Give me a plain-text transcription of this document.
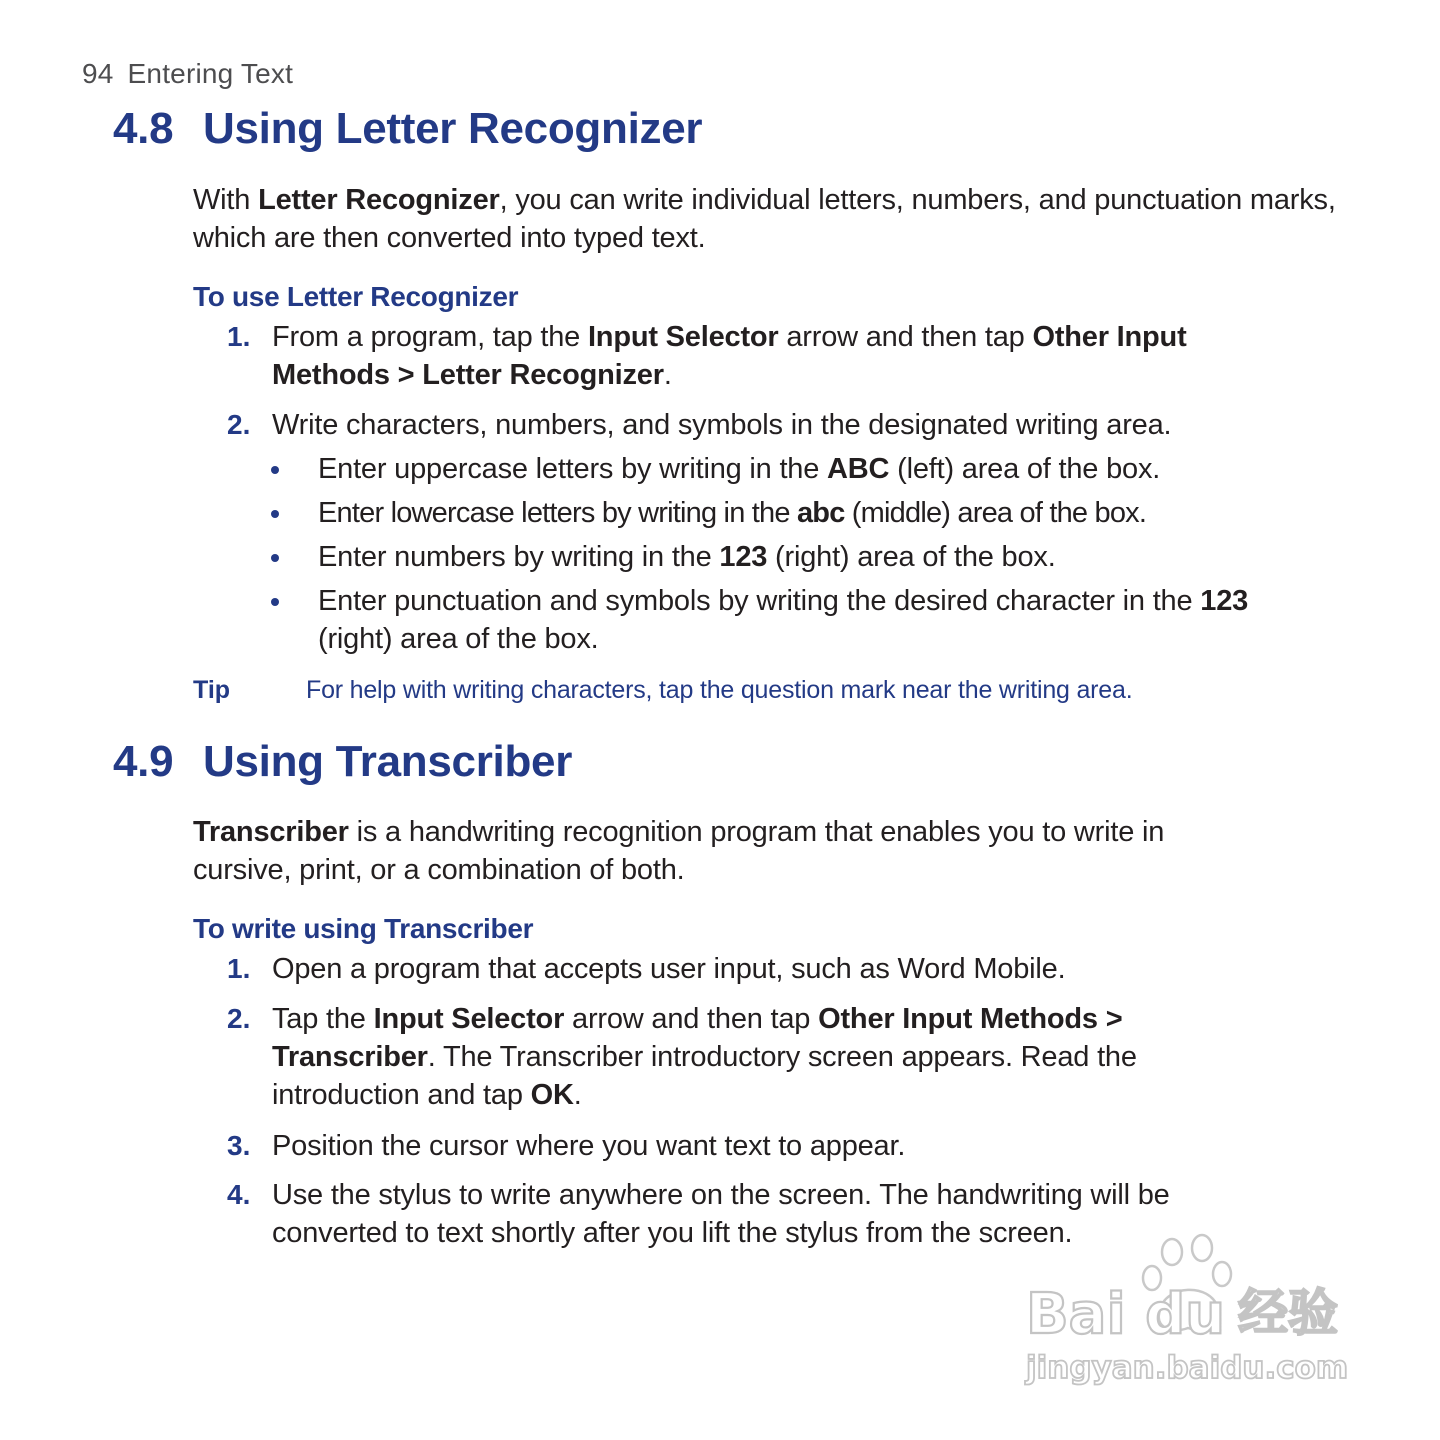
94 Entering Text
4.8 Using Letter Recognizer
With Letter Recognizer, you can write individual letters, numbers, and punctuation marks, which are then converted into typed text.
To use Letter Recognizer
1. From a program, tap the Input Selector arrow and then tap Other Input Methods > Letter Recognizer.
2. Write characters, numbers, and symbols in the designated writing area.
Enter uppercase letters by writing in the ABC (left) area of the box.
Enter lowercase letters by writing in the abc (middle) area of the box.
Enter numbers by writing in the 123 (right) area of the box.
Enter punctuation and symbols by writing the desired character in the 123 (right) area of the box.
Tip	For help with writing characters, tap the question mark near the writing area.
4.9 Using Transcriber
Transcriber is a handwriting recognition program that enables you to write in cursive, print, or a combination of both.
To write using Transcriber
1. Open a program that accepts user input, such as Word Mobile.
2. Tap the Input Selector arrow and then tap Other Input Methods > Transcriber. The Transcriber introductory screen appears. Read the introduction and tap OK.
3. Position the cursor where you want text to appear.
4. Use the stylus to write anywhere on the screen. The handwriting will be converted to text shortly after you lift the stylus from the screen.
Bai du 经验
jingyan.baidu.com
